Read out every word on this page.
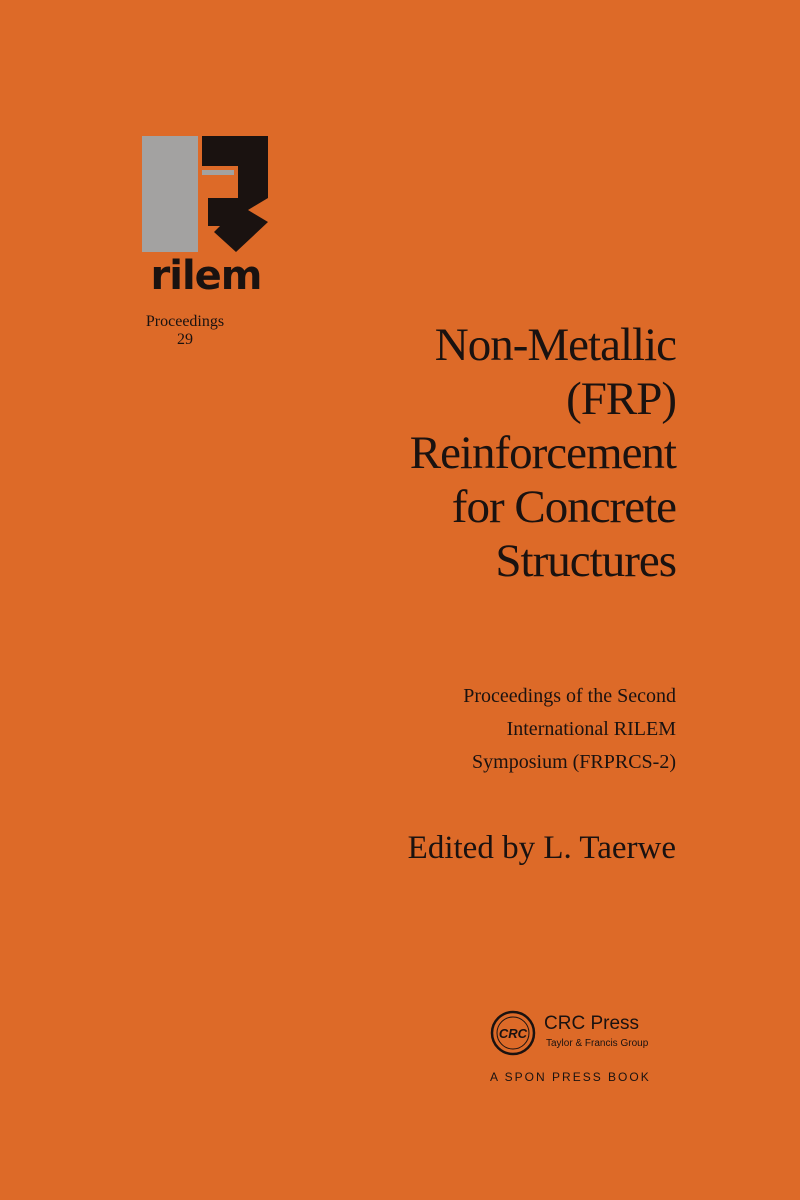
rilem
Proceedings
29	Non-Metallic
(FRP)
Reinforcement
for Concrete
Structures
Proceedings of the Second
International RILEM
Symposium (FRPRCS-2)
Edited by L. Taerwe
CRC CRC Press
Taylor & Francis Group
A SPON PRESS BOOK
